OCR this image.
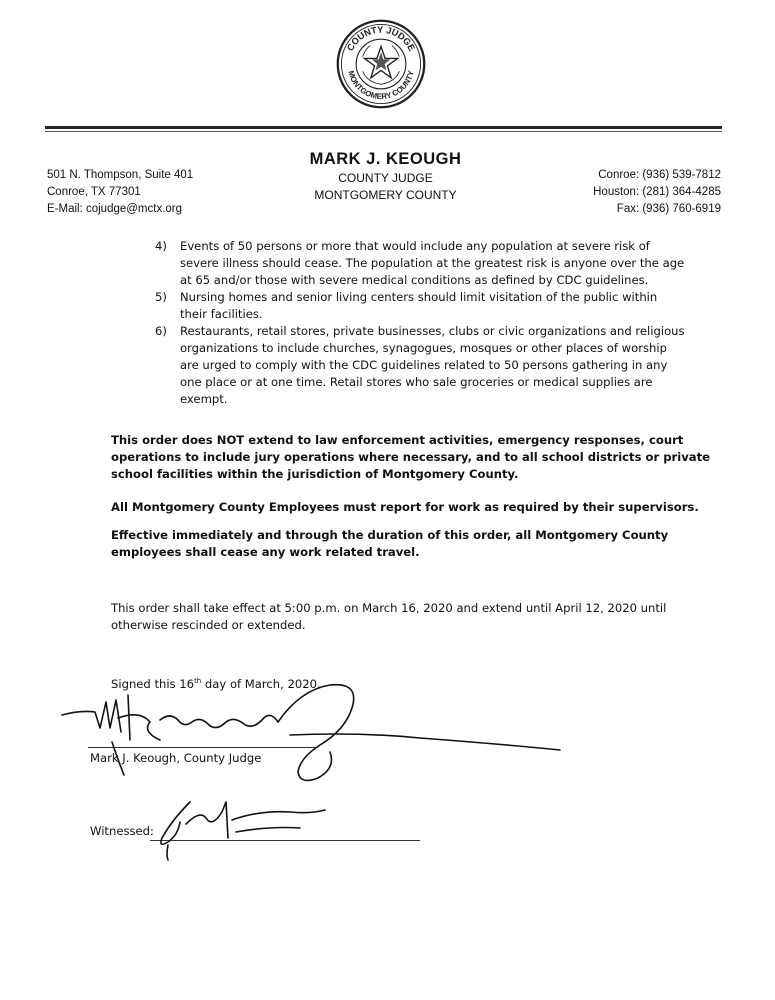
COUNTY JUDGE
MONTGOMERY COUNTY
501 N. Thompson, Suite 401
Conroe, TX 77301
E-Mail: cojudge@mctx.org
MARK J. KEOUGH
COUNTY JUDGE
MONTGOMERY COUNTY
Conroe: (936) 539-7812
Houston: (281) 364-4285
Fax: (936) 760-6919
4)	Events of 50 persons or more that would include any population at severe risk of severe illness should cease. The population at the greatest risk is anyone over the age at 65 and/or those with severe medical conditions as defined by CDC guidelines.
5)	Nursing homes and senior living centers should limit visitation of the public within their facilities.
6)	Restaurants, retail stores, private businesses, clubs or civic organizations and religious organizations to include churches, synagogues, mosques or other places of worship are urged to comply with the CDC guidelines related to 50 persons gathering in any one place or at one time. Retail stores who sale groceries or medical supplies are exempt.
This order does NOT extend to law enforcement activities, emergency responses, court operations to include jury operations where necessary, and to all school districts or private school facilities within the jurisdiction of Montgomery County.
All Montgomery County Employees must report for work as required by their supervisors.
Effective immediately and through the duration of this order, all Montgomery County employees shall cease any work related travel.
This order shall take effect at 5:00 p.m. on March 16, 2020 and extend until April 12, 2020 until otherwise rescinded or extended.
Signed this 16th day of March, 2020.
Mark J. Keough, County Judge
Witnessed:
